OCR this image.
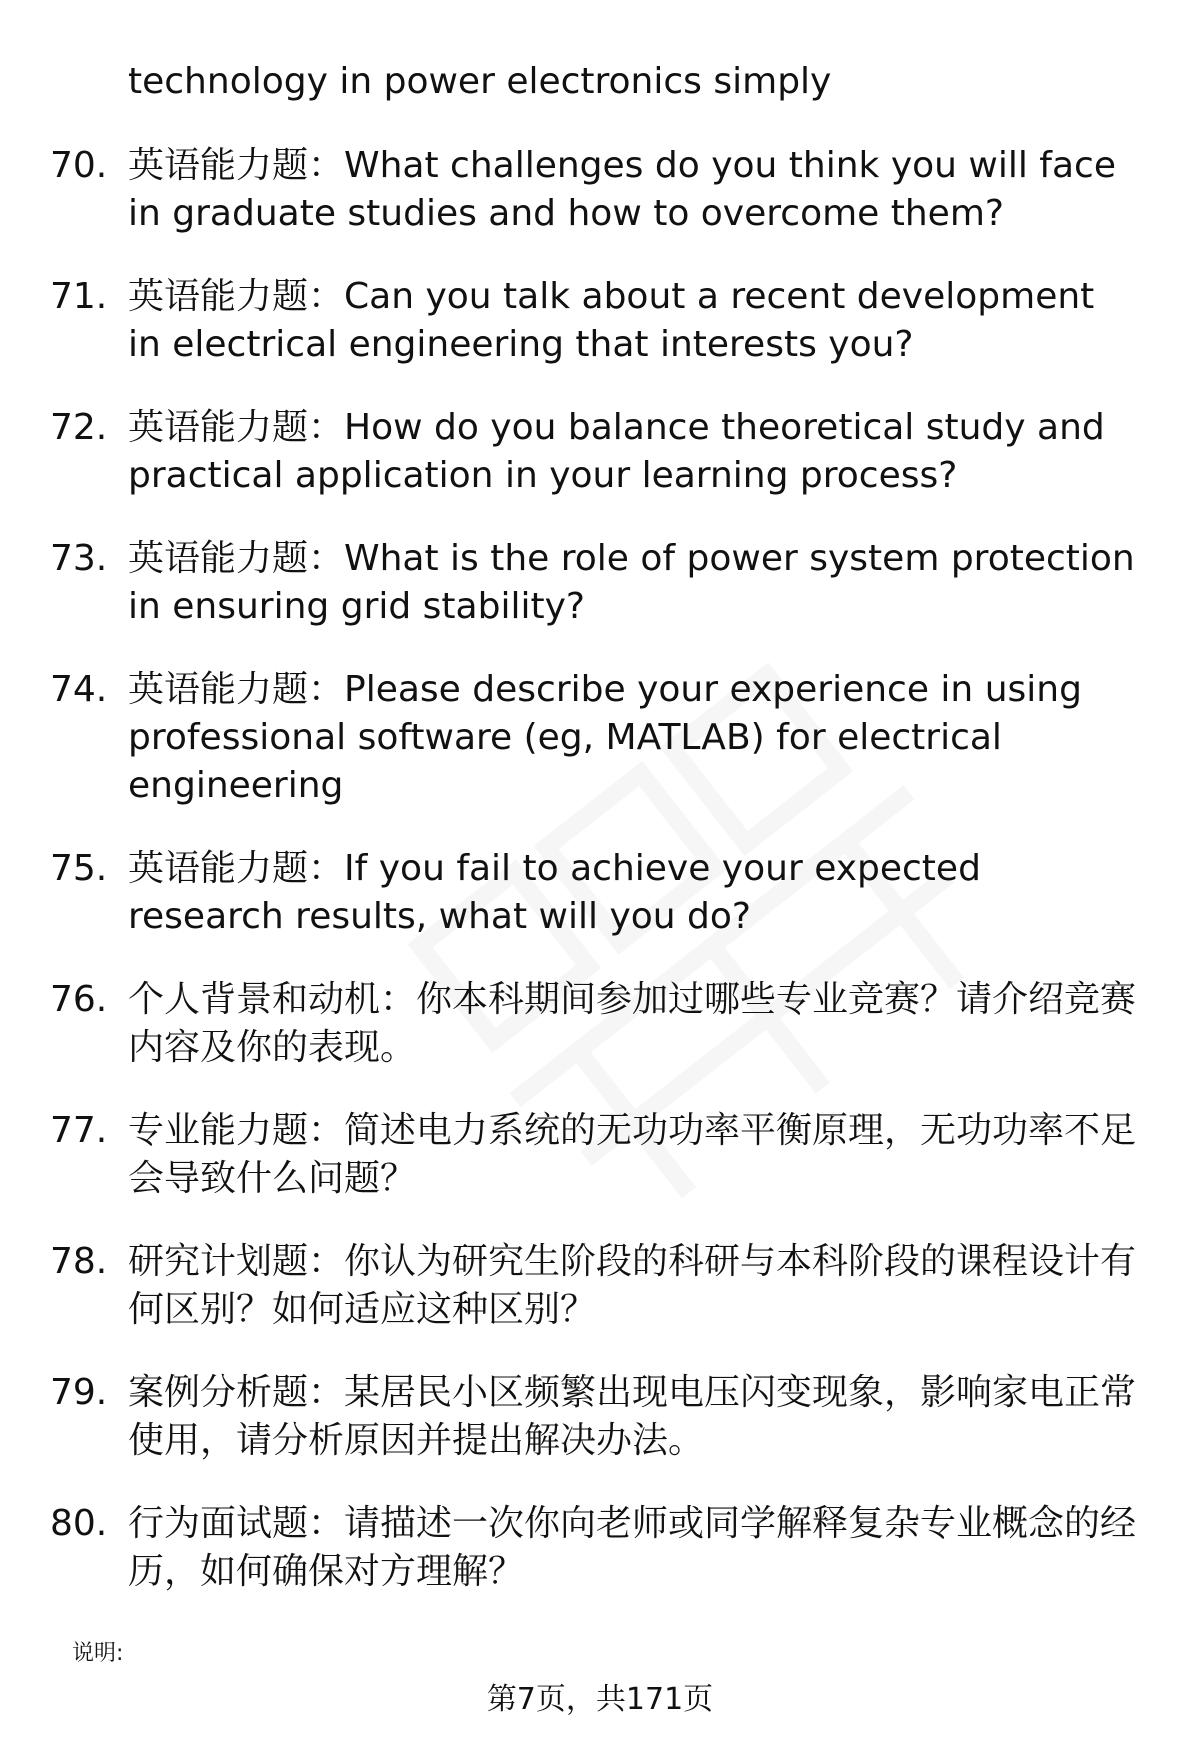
technology in power electronics simply
70. 英语能力题：What challenges do you think you will face in graduate studies and how to overcome them?
71. 英语能力题：Can you talk about a recent development in electrical engineering that interests you?
72. 英语能力题：How do you balance theoretical study and practical application in your learning process?
73. 英语能力题：What is the role of power system protection in ensuring grid stability?
74. 英语能力题：Please describe your experience in using professional software (eg, MATLAB) for electrical engineering
75. 英语能力题：If you fail to achieve your expected research results, what will you do?
76. 个人背景和动机：你本科期间参加过哪些专业竞赛？请介绍竞赛内容及你的表现。
77. 专业能力题：简述电力系统的无功功率平衡原理，无功功率不足会导致什么问题？
78. 研究计划题：你认为研究生阶段的科研与本科阶段的课程设计有何区别？如何适应这种区别？
79. 案例分析题：某居民小区频繁出现电压闪变现象，影响家电正常使用，请分析原因并提出解决办法。
80. 行为面试题：请描述一次你向老师或同学解释复杂专业概念的经历，如何确保对方理解？
说明:
第7页，共171页
